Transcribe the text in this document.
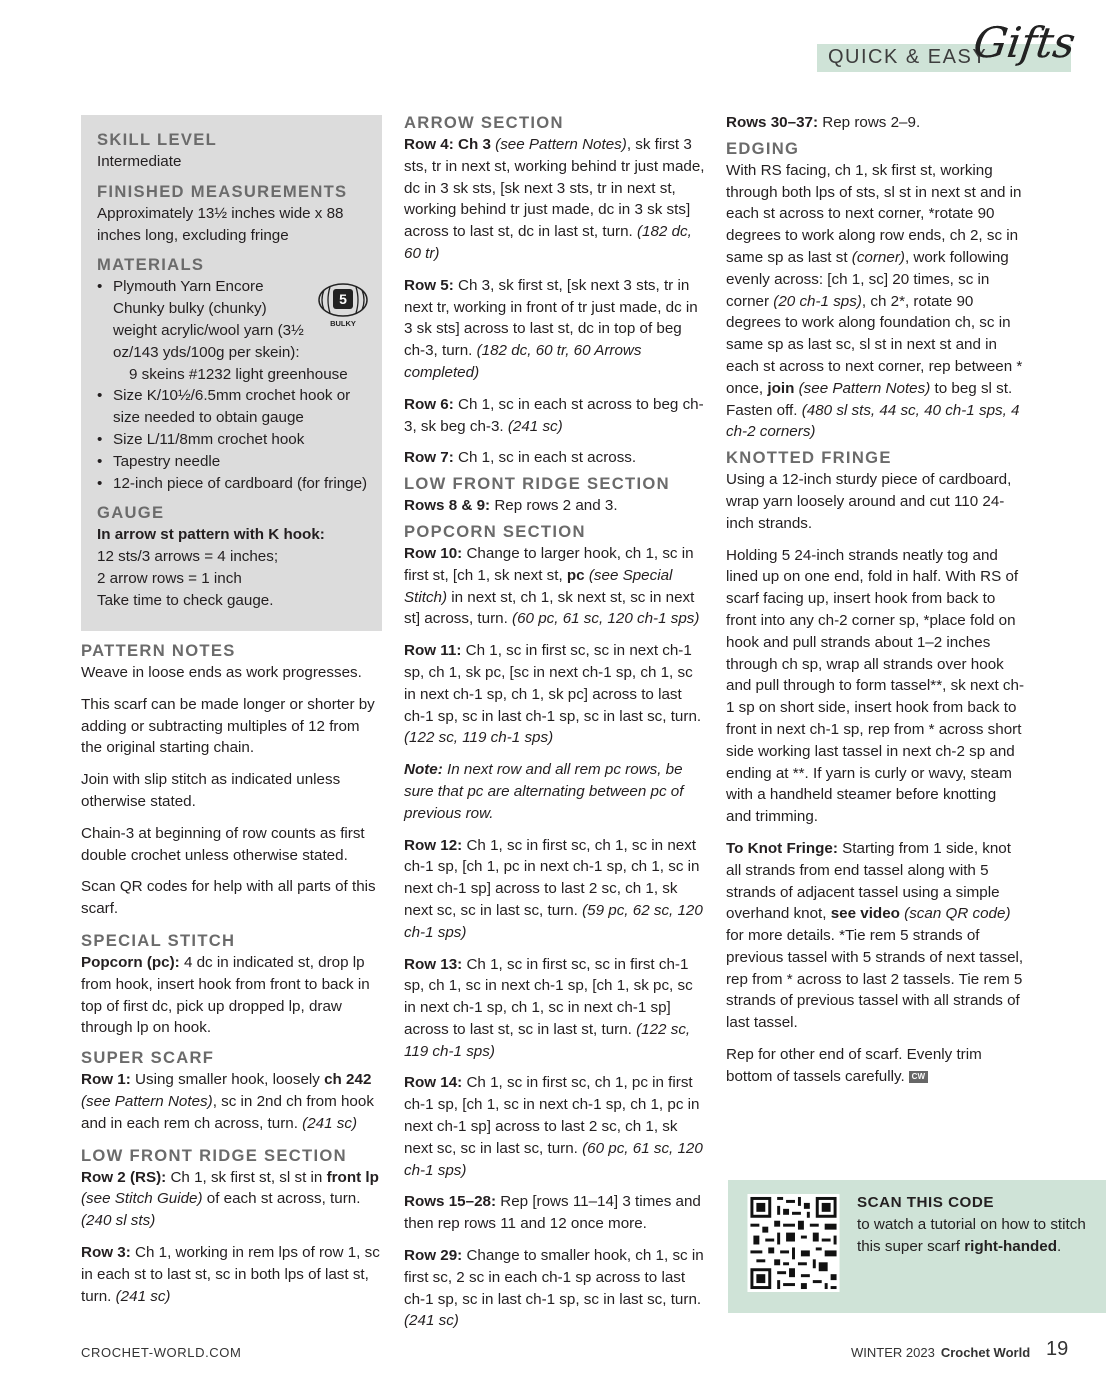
QUICK & EASY
Gifts
SKILL LEVEL
Intermediate
FINISHED MEASUREMENTS
Approximately 13½ inches wide x 88 inches long, excluding fringe
MATERIALS
• Plymouth Yarn Encore Chunky bulky (chunky) weight acrylic/wool yarn (3½ oz/143 yds/100g per skein):
9 skeins #1232 light greenhouse
• Size K/10½/6.5mm crochet hook or size needed to obtain gauge
• Size L/11/8mm crochet hook
• Tapestry needle
• 12-inch piece of cardboard (for fringe)
GAUGE
In arrow st pattern with K hook:
12 sts/3 arrows = 4 inches;
2 arrow rows = 1 inch
Take time to check gauge.
5
BULKY
PATTERN NOTES

Weave in loose ends as work progresses.

This scarf can be made longer or shorter by adding or subtracting multiples of 12 from the original starting chain.

Join with slip stitch as indicated unless otherwise stated.

Chain-3 at beginning of row counts as first double crochet unless otherwise stated.

Scan QR codes for help with all parts of this scarf.

SPECIAL STITCH

Popcorn (pc): 4 dc in indicated st, drop lp from hook, insert hook from front to back in top of first dc, pick up dropped lp, draw through lp on hook.

SUPER SCARF

Row 1: Using smaller hook, loosely ch 242 (see Pattern Notes), sc in 2nd ch from hook and in each rem ch across, turn. (241 sc)

LOW FRONT RIDGE SECTION

Row 2 (RS): Ch 1, sk first st, sl st in front lp (see Stitch Guide) of each st across, turn. (240 sl sts)

Row 3: Ch 1, working in rem lps of row 1, sc in each st to last st, sc in both lps of last st, turn. (241 sc)

ARROW SECTION

Row 4: Ch 3 (see Pattern Notes), sk first 3 sts, tr in next st, working behind tr just made, dc in 3 sk sts, [sk next 3 sts, tr in next st, working behind tr just made, dc in 3 sk sts] across to last st, dc in last st, turn. (182 dc, 60 tr)

Row 5: Ch 3, sk first st, [sk next 3 sts, tr in next tr, working in front of tr just made, dc in 3 sk sts] across to last st, dc in top of beg ch-3, turn. (182 dc, 60 tr, 60 Arrows completed)

Row 6: Ch 1, sc in each st across to beg ch-3, sk beg ch-3. (241 sc)

Row 7: Ch 1, sc in each st across.

LOW FRONT RIDGE SECTION

Rows 8 & 9: Rep rows 2 and 3.

POPCORN SECTION

Row 10: Change to larger hook, ch 1, sc in first st, [ch 1, sk next st, pc (see Special Stitch) in next st, ch 1, sk next st, sc in next st] across, turn. (60 pc, 61 sc, 120 ch-1 sps)

Row 11: Ch 1, sc in first sc, sc in next ch-1 sp, ch 1, sk pc, [sc in next ch-1 sp, ch 1, sc in next ch-1 sp, ch 1, sk pc] across to last ch-1 sp, sc in last ch-1 sp, sc in last sc, turn. (122 sc, 119 ch-1 sps)

Note: In next row and all rem pc rows, be sure that pc are alternating between pc of previous row.

Row 12: Ch 1, sc in first sc, ch 1, sc in next ch-1 sp, [ch 1, pc in next ch-1 sp, ch 1, sc in next ch-1 sp] across to last 2 sc, ch 1, sk next sc, sc in last sc, turn. (59 pc, 62 sc, 120 ch-1 sps)

Row 13: Ch 1, sc in first sc, sc in first ch-1 sp, ch 1, sc in next ch-1 sp, [ch 1, sk pc, sc in next ch-1 sp, ch 1, sc in next ch-1 sp] across to last st, sc in last st, turn. (122 sc, 119 ch-1 sps)

Row 14: Ch 1, sc in first sc, ch 1, pc in first ch-1 sp, [ch 1, sc in next ch-1 sp, ch 1, pc in next ch-1 sp] across to last 2 sc, ch 1, sk next sc, sc in last sc, turn. (60 pc, 61 sc, 120 ch-1 sps)

Rows 15–28: Rep [rows 11–14] 3 times and then rep rows 11 and 12 once more.

Row 29: Change to smaller hook, ch 1, sc in first sc, 2 sc in each ch-1 sp across to last ch-1 sp, sc in last ch-1 sp, sc in last sc, turn. (241 sc)

Rows 30–37: Rep rows 2–9.

EDGING

With RS facing, ch 1, sk first st, working through both lps of sts, sl st in next st and in each st across to next corner, *rotate 90 degrees to work along row ends, ch 2, sc in same sp as last st (corner), work following evenly across: [ch 1, sc] 20 times, sc in corner (20 ch-1 sps), ch 2*, rotate 90 degrees to work along foundation ch, sc in same sp as last sc, sl st in next st and in each st across to next corner, rep between * once, join (see Pattern Notes) to beg sl st. Fasten off. (480 sl sts, 44 sc, 40 ch-1 sps, 4 ch-2 corners)

KNOTTED FRINGE

Using a 12-inch sturdy piece of cardboard, wrap yarn loosely around and cut 110 24-inch strands.

Holding 5 24-inch strands neatly tog and lined up on one end, fold in half. With RS of scarf facing up, insert hook from back to front into any ch-2 corner sp, *place fold on hook and pull strands about 1–2 inches through ch sp, wrap all strands over hook and pull through to form tassel**, sk next ch-1 sp on short side, insert hook from back to front in next ch-1 sp, rep from * across short side working last tassel in next ch-2 sp and ending at **. If yarn is curly or wavy, steam with a handheld steamer before knotting and trimming.

To Knot Fringe: Starting from 1 side, knot all strands from end tassel along with 5 strands of adjacent tassel using a simple overhand knot, see video (scan QR code) for more details. *Tie rem 5 strands of previous tassel with 5 strands of next tassel, rep from * across to last 2 tassels. Tie rem 5 strands of previous tassel with all strands of last tassel.

Rep for other end of scarf. Evenly trim bottom of tassels carefully. CW

SCAN THIS CODE
to watch a tutorial on how to stitch this super scarf right-handed.
CROCHET-WORLD.COM	WINTER 2023 Crochet World 19
